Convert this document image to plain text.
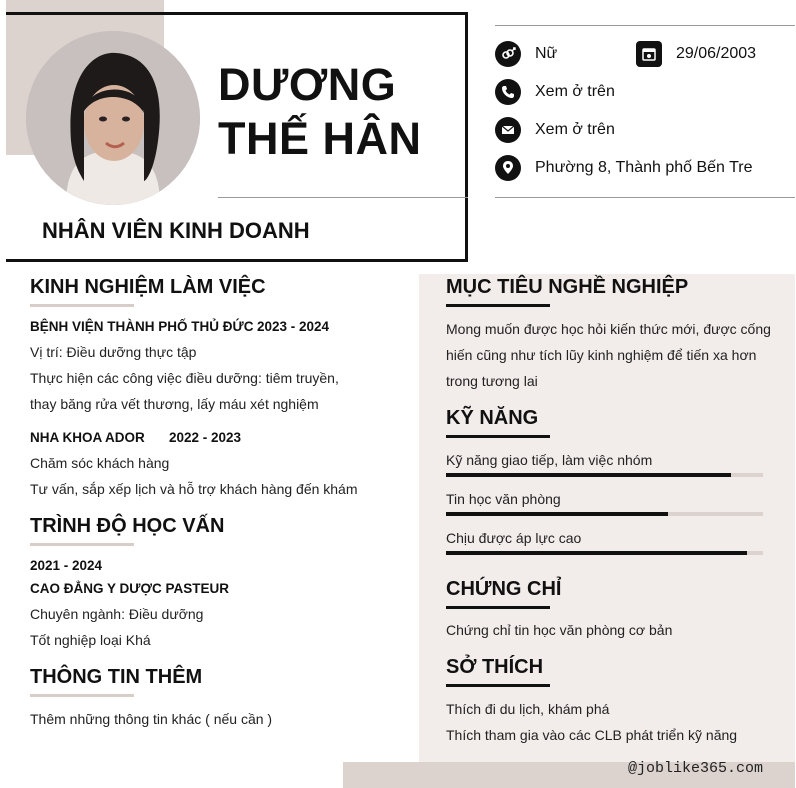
DƯƠNG
THẾ HÂN
NHÂN VIÊN KINH DOANH
Nữ	29/06/2003
Xem ở trên
Xem ở trên
Phường 8, Thành phố Bến Tre
@joblike365.com
KINH NGHIỆM LÀM VIỆC
BỆNH VIỆN THÀNH PHỐ THỦ ĐỨC 2023 - 2024
Vị trí: Điều dưỡng thực tập
Thực hiện các công việc điều dưỡng: tiêm truyền,
thay băng rửa vết thương, lấy máu xét nghiệm
NHA KHOA ADOR 2022 - 2023
Chăm sóc khách hàng
Tư vấn, sắp xếp lịch và hỗ trợ khách hàng đến khám
TRÌNH ĐỘ HỌC VẤN
2021 - 2024
CAO ĐẲNG Y DƯỢC PASTEUR
Chuyên ngành: Điều dưỡng
Tốt nghiệp loại Khá
THÔNG TIN THÊM
Thêm những thông tin khác ( nếu cần )
MỤC TIÊU NGHỀ NGHIỆP
Mong muốn được học hỏi kiến thức mới, được cống
hiến cũng như tích lũy kinh nghiệm để tiến xa hơn
trong tương lai
KỸ NĂNG
Kỹ năng giao tiếp, làm việc nhóm
Tin học văn phòng
Chịu được áp lực cao
CHỨNG CHỈ
Chứng chỉ tin học văn phòng cơ bản
SỞ THÍCH
Thích đi du lịch, khám phá
Thích tham gia vào các CLB phát triển kỹ năng
